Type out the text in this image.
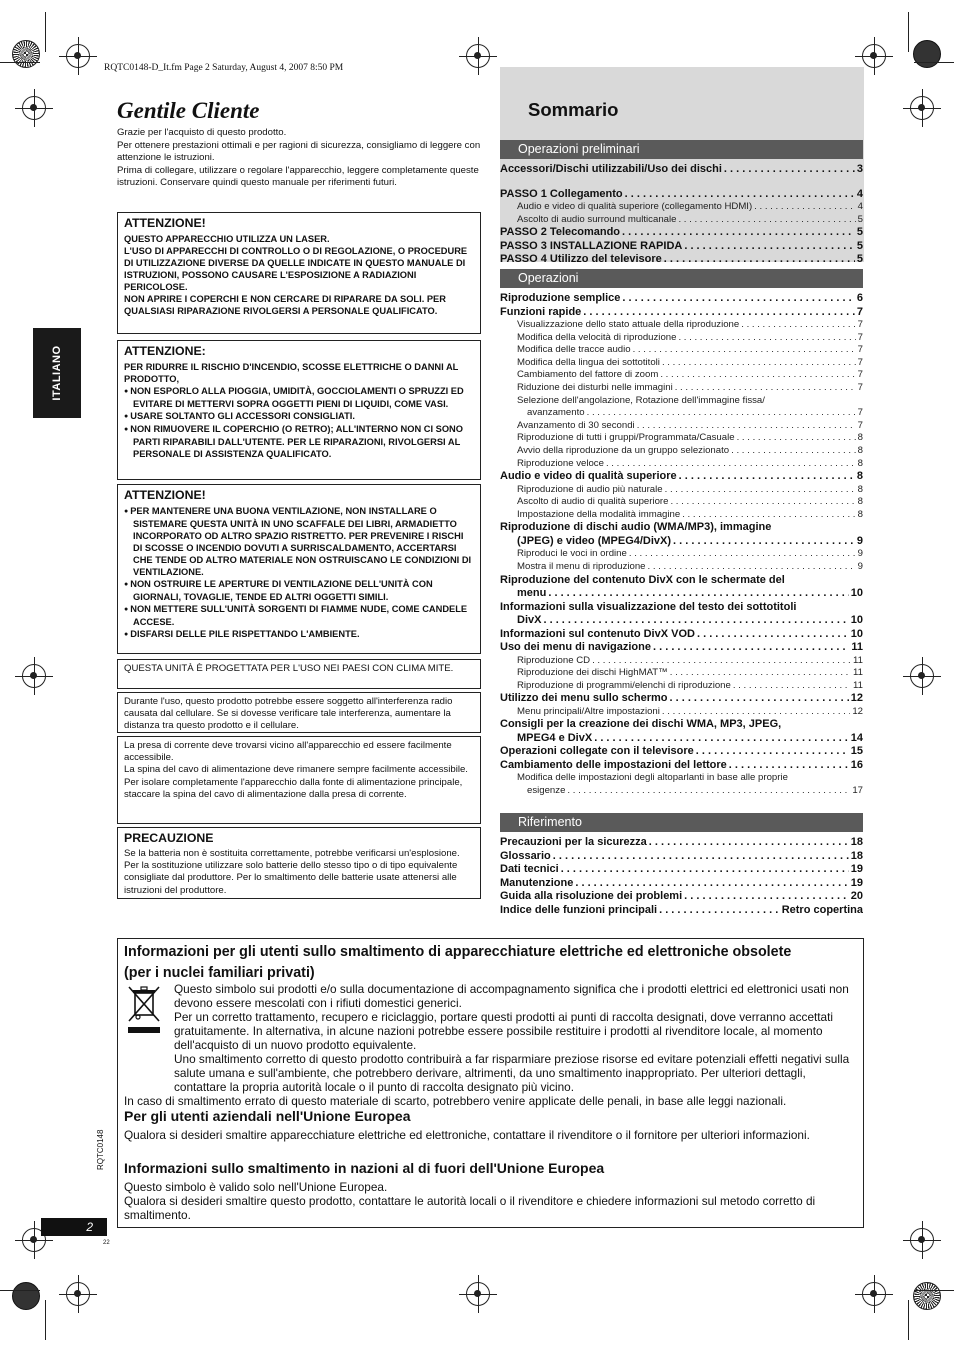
RQTC0148-D_It.fm Page 2 Saturday, August 4, 2007 8:50 PM
ITALIANO
Gentile Cliente
Grazie per l'acquisto di questo prodotto.
Per ottenere prestazioni ottimali e per ragioni di sicurezza, consigliamo di leggere con attenzione le istruzioni.
Prima di collegare, utilizzare o regolare l'apparecchio, leggere completamente queste istruzioni. Conservare quindi questo manuale per riferimenti futuri.
ATTENZIONE!
QUESTO APPARECCHIO UTILIZZA UN LASER.
L'USO DI APPARECCHI DI CONTROLLO O DI REGOLAZIONE, O PROCEDURE DI UTILIZZAZIONE DIVERSE DA QUELLE INDICATE IN QUESTO MANUALE DI ISTRUZIONI, POSSONO CAUSARE L'ESPOSIZIONE A RADIAZIONI PERICOLOSE.
NON APRIRE I COPERCHI E NON CERCARE DI RIPARARE DA SOLI. PER QUALSIASI RIPARAZIONE RIVOLGERSI A PERSONALE QUALIFICATO.
ATTENZIONE:
PER RIDURRE IL RISCHIO D'INCENDIO, SCOSSE ELETTRICHE O DANNI AL PRODOTTO,
● NON ESPORLO ALLA PIOGGIA, UMIDITÀ, GOCCIOLAMENTI O SPRUZZI ED EVITARE DI METTERVI SOPRA OGGETTI PIENI DI LIQUIDI, COME VASI.
● USARE SOLTANTO GLI ACCESSORI CONSIGLIATI.
● NON RIMUOVERE IL COPERCHIO (O RETRO); ALL'INTERNO NON CI SONO PARTI RIPARABILI DALL'UTENTE. PER LE RIPARAZIONI, RIVOLGERSI AL PERSONALE DI ASSISTENZA QUALIFICATO.
ATTENZIONE!
● PER MANTENERE UNA BUONA VENTILAZIONE, NON INSTALLARE O SISTEMARE QUESTA UNITÀ IN UNO SCAFFALE DEI LIBRI, ARMADIETTO INCORPORATO OD ALTRO SPAZIO RISTRETTO. PER PREVENIRE I RISCHI DI SCOSSE O INCENDIO DOVUTI A SURRISCALDAMENTO, ACCERTARSI CHE TENDE OD ALTRO MATERIALE NON OSTRUISCANO LE CONDIZIONI DI VENTILAZIONE.
● NON OSTRUIRE LE APERTURE DI VENTILAZIONE DELL'UNITÀ CON GIORNALI, TOVAGLIE, TENDE ED ALTRI OGGETTI SIMILI.
● NON METTERE SULL'UNITÀ SORGENTI DI FIAMME NUDE, COME CANDELE ACCESE.
● DISFARSI DELLE PILE RISPETTANDO L'AMBIENTE.
QUESTA UNITÀ È PROGETTATA PER L'USO NEI PAESI CON CLIMA MITE.
Durante l'uso, questo prodotto potrebbe essere soggetto all'interferenza radio causata dal cellulare. Se si dovesse verificare tale interferenza, aumentare la distanza tra questo prodotto e il cellulare.
La presa di corrente deve trovarsi vicino all'apparecchio ed essere facilmente accessibile.
La spina del cavo di alimentazione deve rimanere sempre facilmente accessibile.
Per isolare completamente l'apparecchio dalla fonte di alimentazione principale, staccare la spina del cavo di alimentazione dalla presa di corrente.
PRECAUZIONE
Se la batteria non è sostituita correttamente, potrebbe verificarsi un'esplosione. Per la sostituzione utilizzare solo batterie dello stesso tipo o di tipo equivalente consigliate dal produttore. Per lo smaltimento delle batterie usate attenersi alle istruzioni del produttore.
Sommario
Operazioni preliminari
Accessori/Dischi utilizzabili/Uso dei dischi . . .	3
PASSO 1 Collegamento . . .	4
Audio e video di qualità superiore (collegamento HDMI) . . .	4
Ascolto di audio surround multicanale . . .	5
PASSO 2 Telecomando . . .	5
PASSO 3 INSTALLAZIONE RAPIDA . . .	5
PASSO 4 Utilizzo del televisore . . .	5
Operazioni
Riproduzione semplice . . .	6
Funzioni rapide . . .	7
Visualizzazione dello stato attuale della riproduzione . . .	7
Modifica della velocità di riproduzione . . .	7
Modifica delle tracce audio . . .	7
Modifica della lingua dei sottotitoli . . .	7
Cambiamento del fattore di zoom . . .	7
Riduzione dei disturbi nelle immagini . . .	7
Selezione dell'angolazione, Rotazione dell'immagine fissa/
avanzamento . . .	7
Avanzamento di 30 secondi . . .	7
Riproduzione di tutti i gruppi/Programmata/Casuale . . .	8
Avvio della riproduzione da un gruppo selezionato . . .	8
Riproduzione veloce . . .	8
Audio e video di qualità superiore . . .	8
Riproduzione di audio più naturale . . .	8
Ascolto di audio di qualità superiore . . .	8
Impostazione della modalità immagine . . .	8
Riproduzione di dischi audio (WMA/MP3), immagine
(JPEG) e video (MPEG4/DivX) . . .	9
Riproduci le voci in ordine . . .	9
Mostra il menu di riproduzione . . .	9
Riproduzione del contenuto DivX con le schermate del
menu . . .	10
Informazioni sulla visualizzazione del testo dei sottotitoli
DivX . . .	10
Informazioni sul contenuto DivX VOD . . .	10
Uso dei menu di navigazione . . .	11
Riproduzione CD . . .	11
Riproduzione dei dischi HighMAT™ . . .	11
Riproduzione di programmi/elenchi di riproduzione . . .	11
Utilizzo dei menu sullo schermo . . .	12
Menu principali/Altre impostazioni . . .	12
Consigli per la creazione dei dischi WMA, MP3, JPEG,
MPEG4 e DivX . . .	14
Operazioni collegate con il televisore . . .	15
Cambiamento delle impostazioni del lettore . . .	16
Modifica delle impostazioni degli altoparlanti in base alle proprie
esigenze . . .	17
Riferimento
Precauzioni per la sicurezza . . .	18
Glossario . . .	18
Dati tecnici . . .	19
Manutenzione . . .	19
Guida alla risoluzione dei problemi . . .	20
Indice delle funzioni principali . . .	Retro copertina
Informazioni per gli utenti sullo smaltimento di apparecchiature elettriche ed elettroniche obsolete (per i nuclei familiari privati)
Questo simbolo sui prodotti e/o sulla documentazione di accompagnamento significa che i prodotti elettrici ed elettronici usati non devono essere mescolati con i rifiuti domestici generici.
Per un corretto trattamento, recupero e riciclaggio, portare questi prodotti ai punti di raccolta designati, dove verranno accettati gratuitamente. In alternativa, in alcune nazioni potrebbe essere possibile restituire i prodotti al rivenditore locale, al momento dell'acquisto di un nuovo prodotto equivalente.
Uno smaltimento corretto di questo prodotto contribuirà a far risparmiare preziose risorse ed evitare potenziali effetti negativi sulla salute umana e sull'ambiente, che potrebbero derivare, altrimenti, da uno smaltimento inappropriato. Per ulteriori dettagli, contattare la propria autorità locale o il punto di raccolta designato più vicino.
In caso di smaltimento errato di questo materiale di scarto, potrebbero venire applicate delle penali, in base alle leggi nazionali.
Per gli utenti aziendali nell'Unione Europea
Qualora si desideri smaltire apparecchiature elettriche ed elettroniche, contattare il rivenditore o il fornitore per ulteriori informazioni.
Informazioni sullo smaltimento in nazioni al di fuori dell'Unione Europea
Questo simbolo è valido solo nell'Unione Europea.
Qualora si desideri smaltire questo prodotto, contattare le autorità locali o il rivenditore e chiedere informazioni sul metodo corretto di smaltimento.
RQTC0148
2
22
